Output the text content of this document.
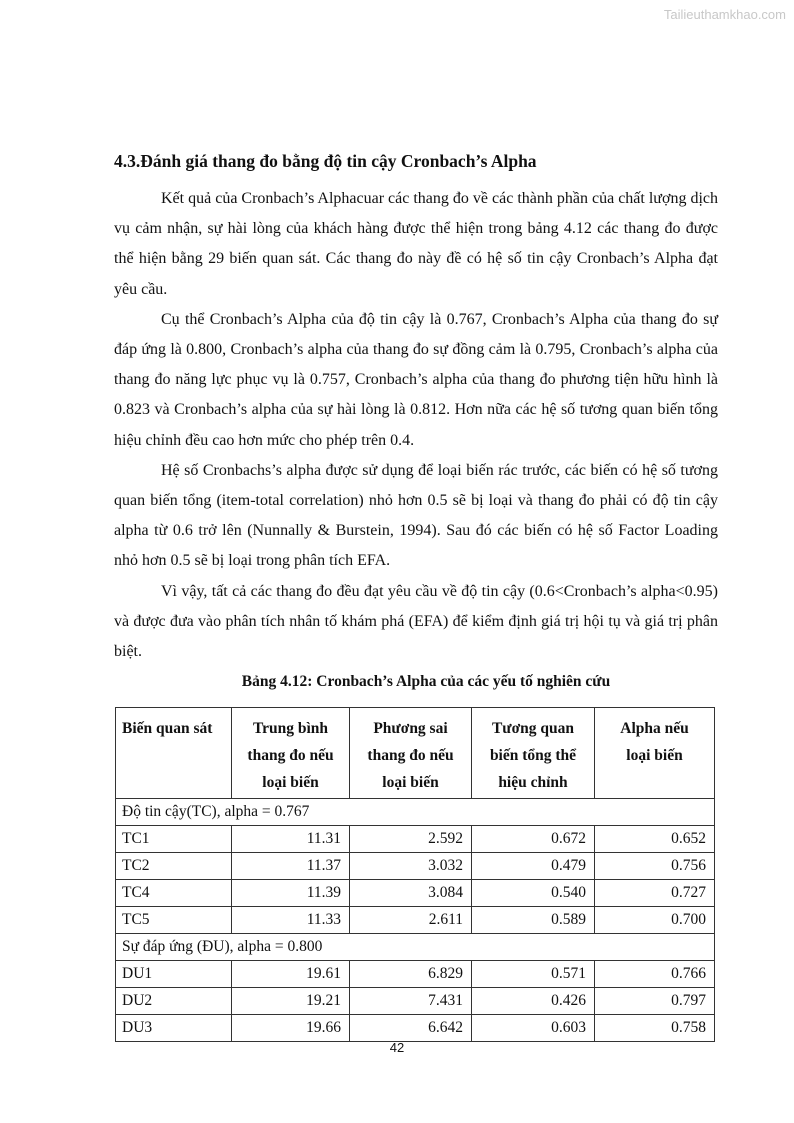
Tailieuthamkhao.com
4.3.Đánh giá thang đo bằng độ tin cậy Cronbach’s Alpha

Kết quả của Cronbach’s Alphacuar các thang đo về các thành phần của chất lượng dịch vụ cảm nhận, sự hài lòng của khách hàng được thể hiện trong bảng 4.12 các thang đo được thể hiện bằng 29 biến quan sát. Các thang đo này đề có hệ số tin cậy Cronbach’s Alpha đạt yêu cầu.

Cụ thể Cronbach’s Alpha của độ tin cậy là 0.767, Cronbach’s Alpha của thang đo sự đáp ứng là 0.800, Cronbach’s alpha của thang đo sự đồng cảm là 0.795, Cronbach’s alpha của thang đo năng lực phục vụ là 0.757, Cronbach’s alpha của thang đo phương tiện hữu hình là 0.823 và Cronbach’s alpha của sự hài lòng là 0.812. Hơn nữa các hệ số tương quan biến tổng hiệu chỉnh đều cao hơn mức cho phép trên 0.4.

Hệ số Cronbachs’s alpha được sử dụng để loại biến rác trước, các biến có hệ số tương quan biến tổng (item-total correlation) nhỏ hơn 0.5 sẽ bị loại và thang đo phải có độ tin cậy alpha từ 0.6 trở lên (Nunnally & Burstein, 1994). Sau đó các biến có hệ số Factor Loading nhỏ hơn 0.5 sẽ bị loại trong phân tích EFA.

Vì vậy, tất cả các thang đo đều đạt yêu cầu về độ tin cậy (0.6<Cronbach’s alpha<0.95) và được đưa vào phân tích nhân tố khám phá (EFA) để kiểm định giá trị hội tụ và giá trị phân biệt.

Bảng 4.12: Cronbach’s Alpha của các yếu tố nghiên cứu
Biến quan sát	Trung bình
thang đo nếu
loại biến	Phương sai
thang đo nếu
loại biến	Tương quan
biến tổng thể
hiệu chỉnh	Alpha nếu
loại biến
Độ tin cậy(TC), alpha = 0.767				
TC1	11.31	2.592	0.672	0.652
TC2	11.37	3.032	0.479	0.756
TC4	11.39	3.084	0.540	0.727
TC5	11.33	2.611	0.589	0.700
Sự đáp ứng (ĐU), alpha = 0.800				
DU1	19.61	6.829	0.571	0.766
DU2	19.21	7.431	0.426	0.797
DU3	19.66	6.642	0.603	0.758
42
